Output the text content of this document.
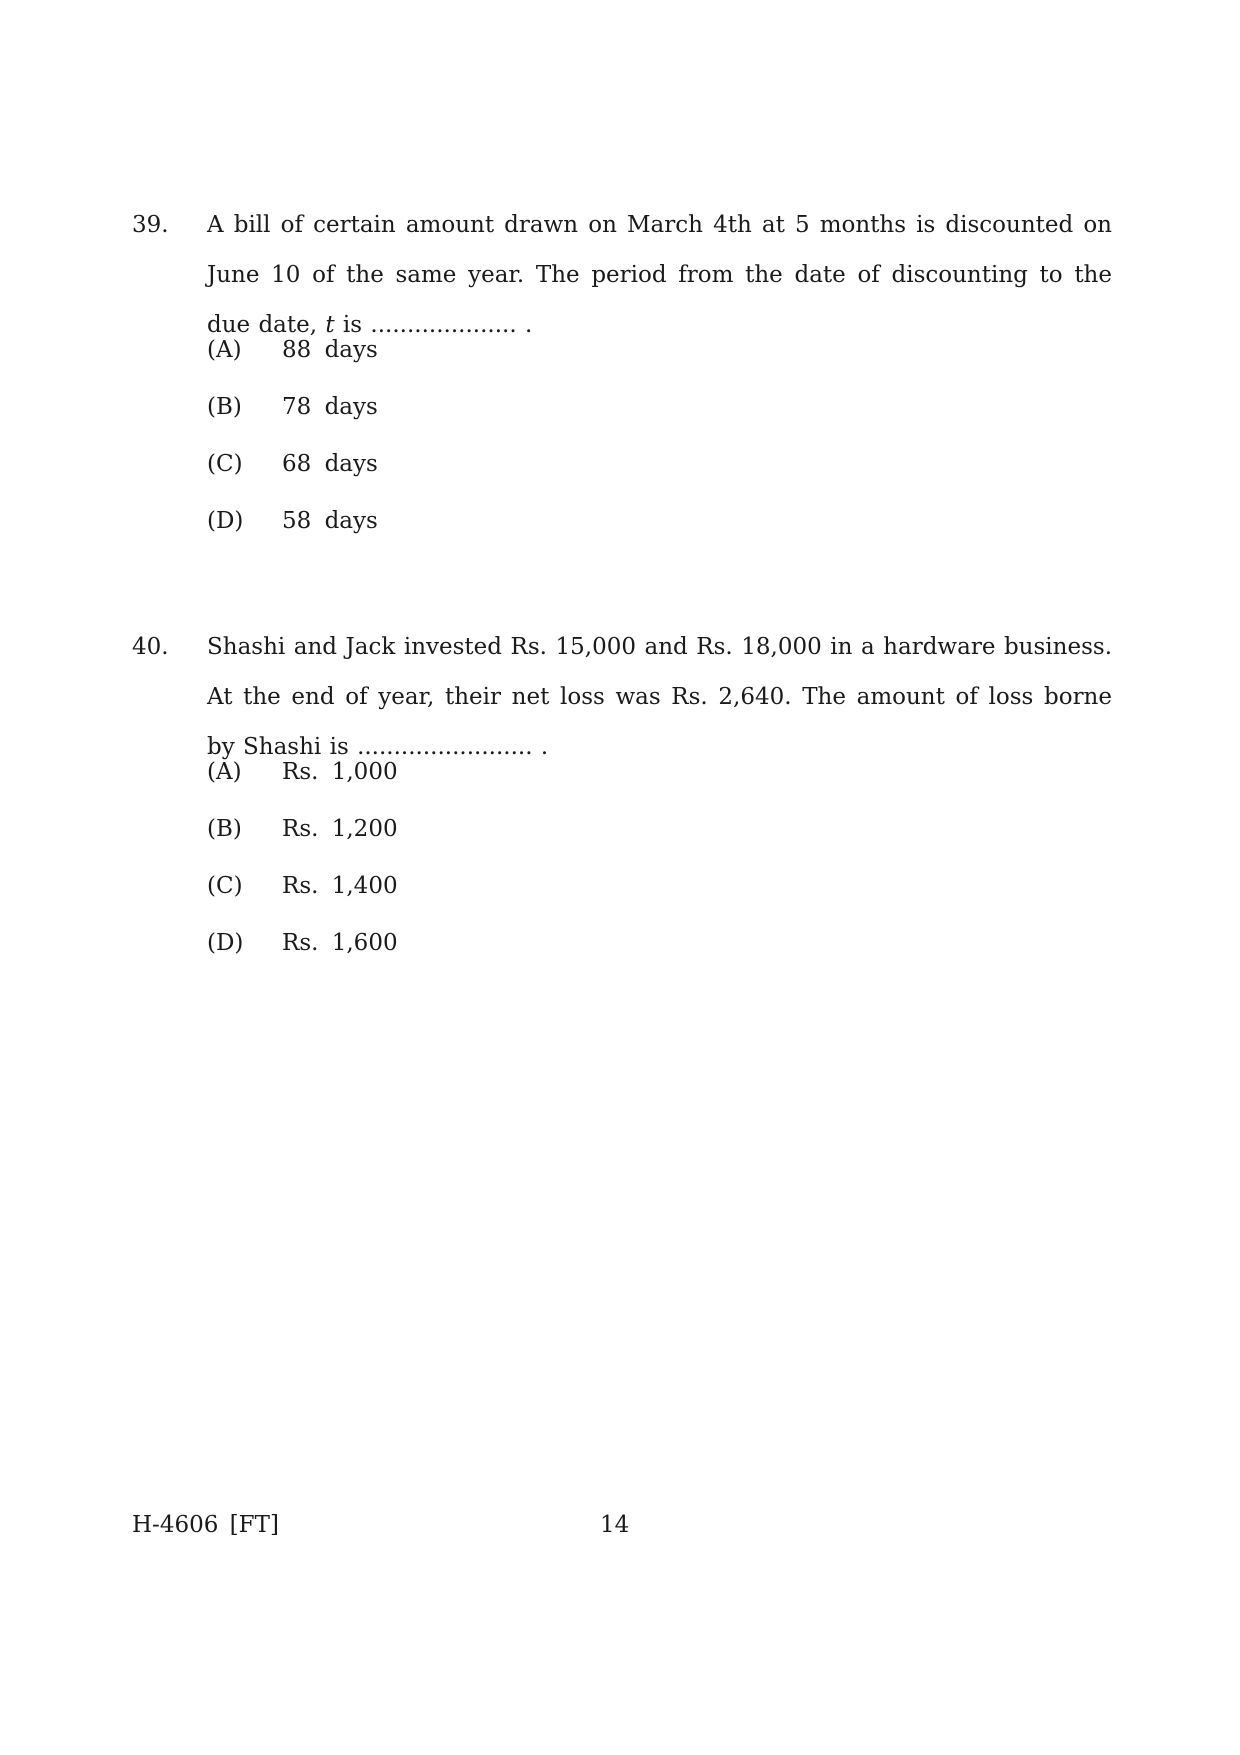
39. A bill of certain amount drawn on March 4th at 5 months is discounted on
June 10 of the same year. The period from the date of discounting to the
due date, t is .................... .
(A)	88 days
(B)	78 days
(C)	68 days
(D)	58 days
40. Shashi and Jack invested Rs. 15,000 and Rs. 18,000 in a hardware business.
At the end of year, their net loss was Rs. 2,640. The amount of loss borne
by Shashi is ........................ .
(A)	Rs. 1,000
(B)	Rs. 1,200
(C)	Rs. 1,400
(D)	Rs. 1,600
H-4606 [FT]	14
